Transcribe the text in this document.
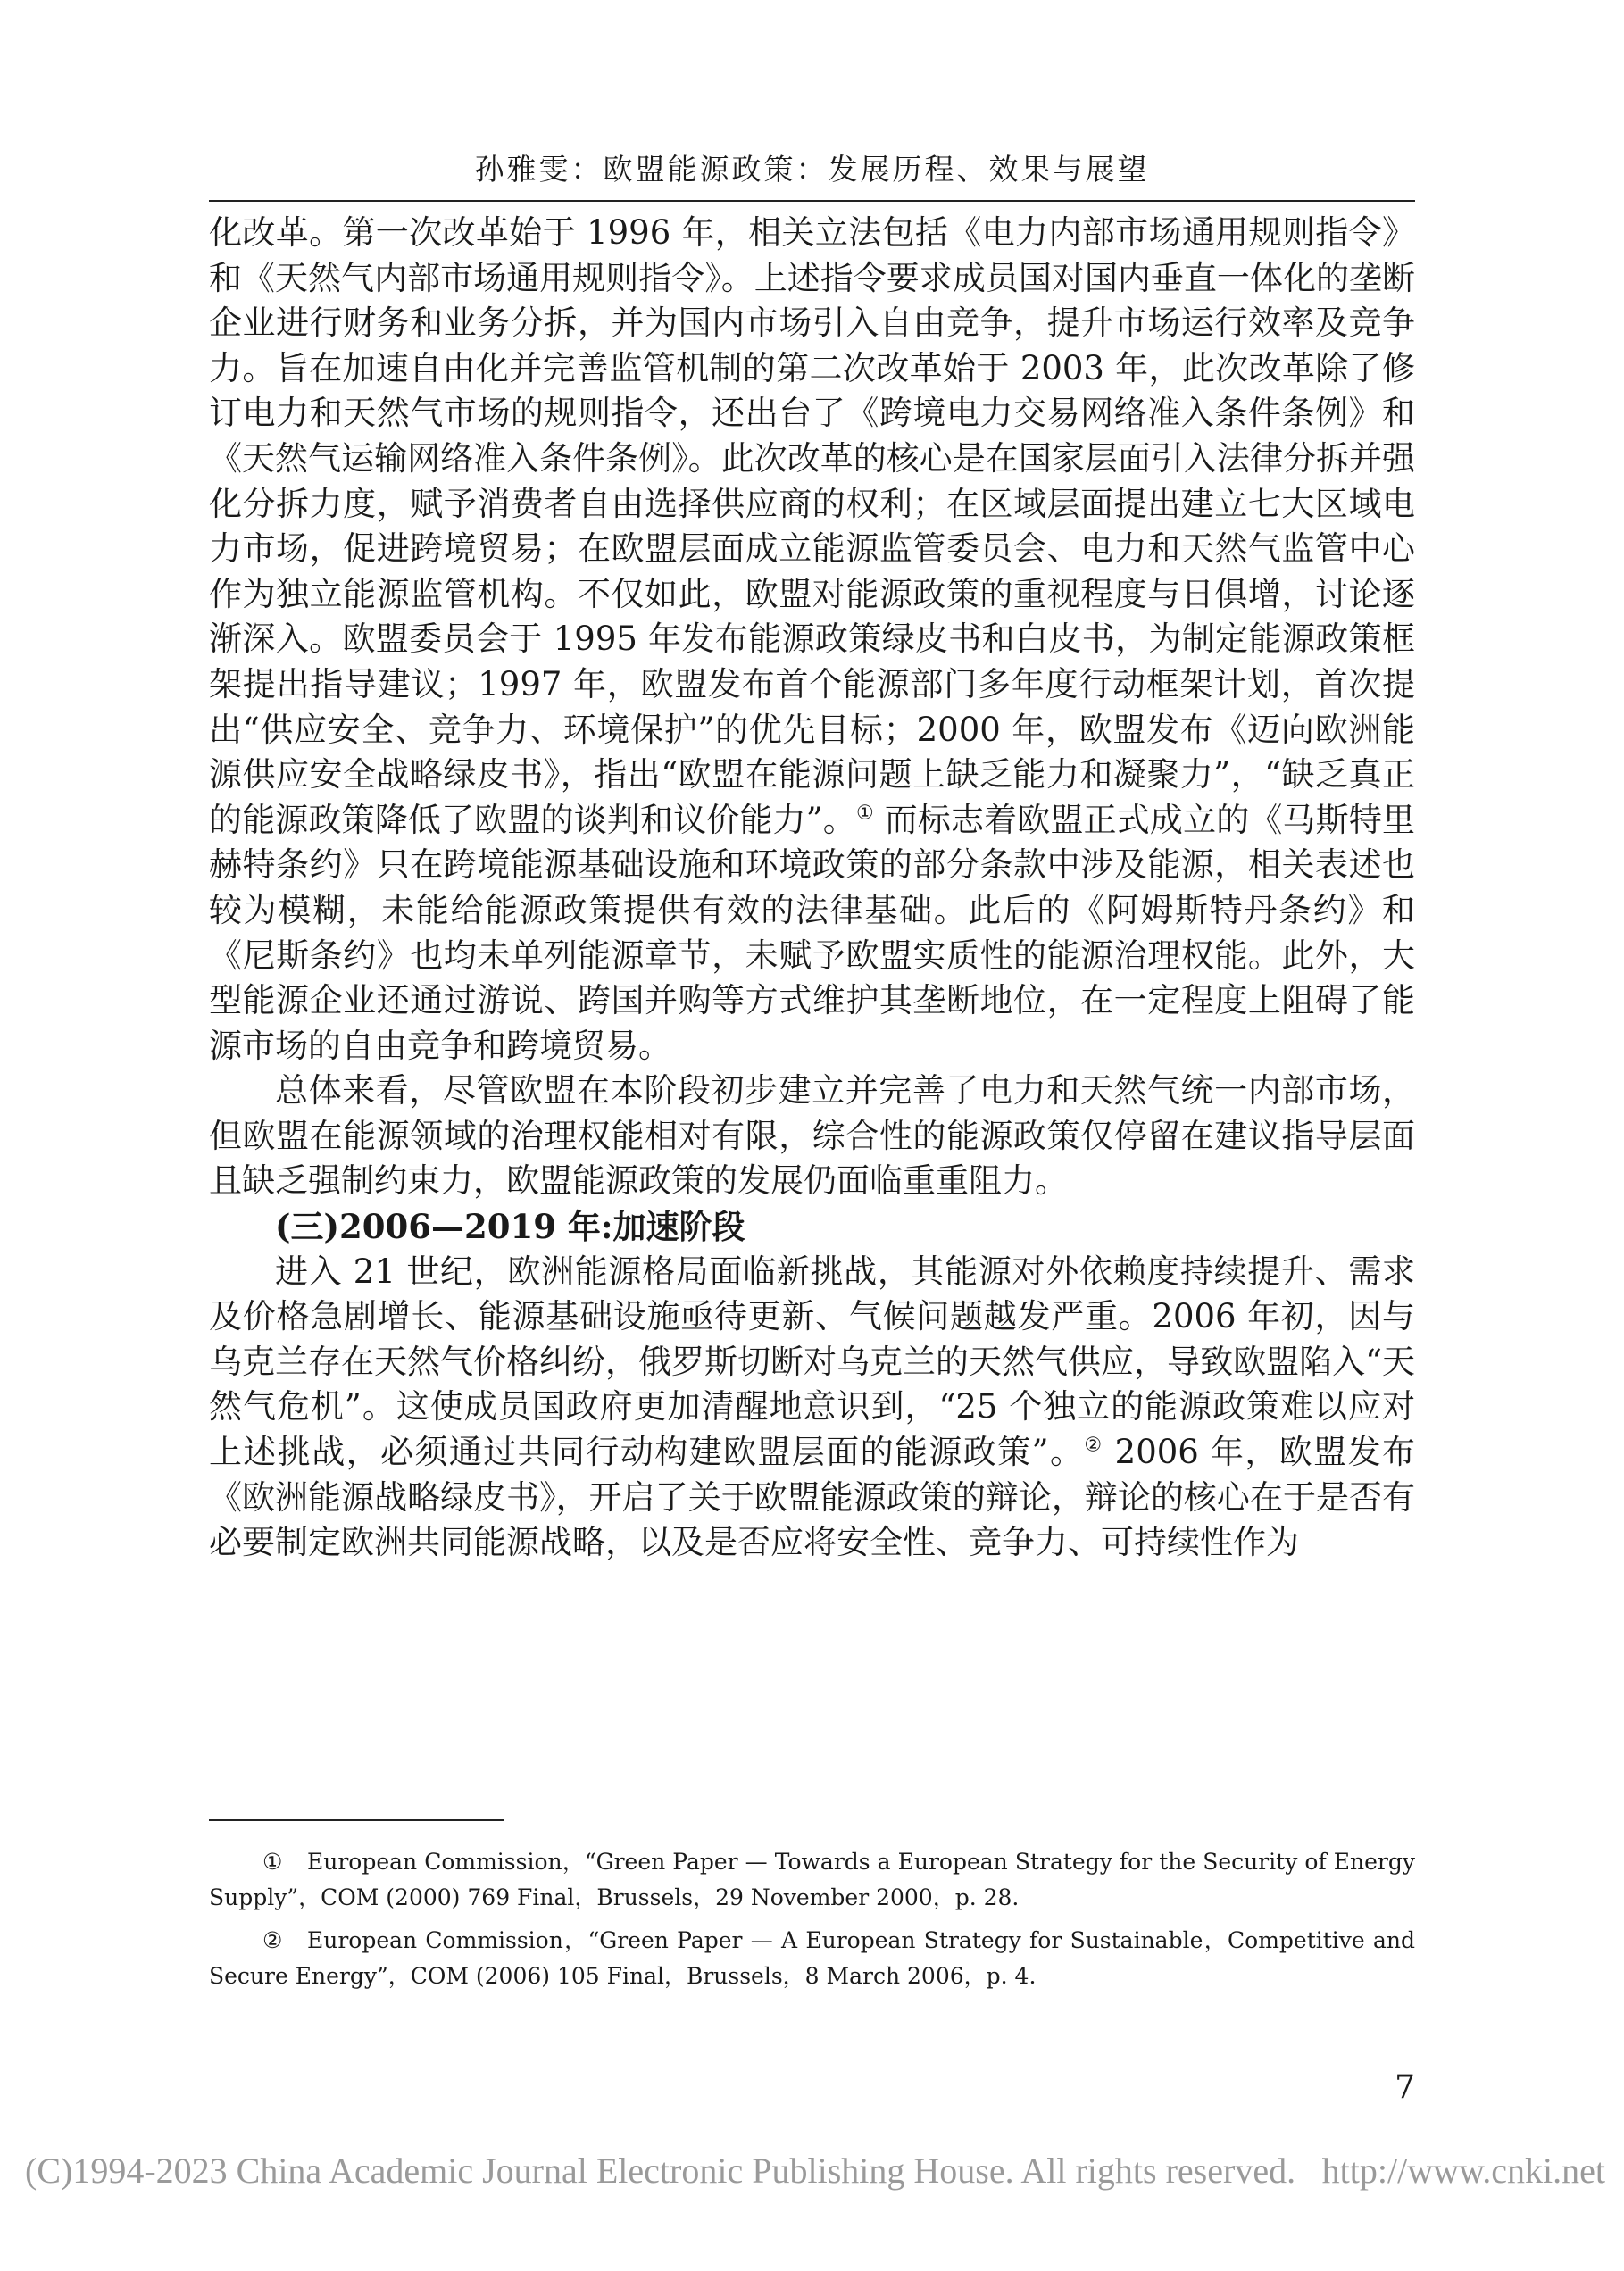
孙雅雯：欧盟能源政策：发展历程、效果与展望

化改革。第一次改革始于 1996 年，相关立法包括《电力内部市场通用规则指令》和《天然气内部市场通用规则指令》。上述指令要求成员国对国内垂直一体化的垄断企业进行财务和业务分拆，并为国内市场引入自由竞争，提升市场运行效率及竞争力。旨在加速自由化并完善监管机制的第二次改革始于 2003 年，此次改革除了修订电力和天然气市场的规则指令，还出台了《跨境电力交易网络准入条件条例》和《天然气运输网络准入条件条例》。此次改革的核心是在国家层面引入法律分拆并强化分拆力度，赋予消费者自由选择供应商的权利；在区域层面提出建立七大区域电力市场，促进跨境贸易；在欧盟层面成立能源监管委员会、电力和天然气监管中心作为独立能源监管机构。不仅如此，欧盟对能源政策的重视程度与日俱增，讨论逐渐深入。欧盟委员会于 1995 年发布能源政策绿皮书和白皮书，为制定能源政策框架提出指导建议；1997 年，欧盟发布首个能源部门多年度行动框架计划，首次提出“供应安全、竞争力、环境保护”的优先目标；2000 年，欧盟发布《迈向欧洲能源供应安全战略绿皮书》，指出“欧盟在能源问题上缺乏能力和凝聚力”，“缺乏真正的能源政策降低了欧盟的谈判和议价能力”。① 而标志着欧盟正式成立的《马斯特里赫特条约》只在跨境能源基础设施和环境政策的部分条款中涉及能源，相关表述也较为模糊，未能给能源政策提供有效的法律基础。此后的《阿姆斯特丹条约》和《尼斯条约》也均未单列能源章节，未赋予欧盟实质性的能源治理权能。此外，大型能源企业还通过游说、跨国并购等方式维护其垄断地位，在一定程度上阻碍了能源市场的自由竞争和跨境贸易。

总体来看，尽管欧盟在本阶段初步建立并完善了电力和天然气统一内部市场，但欧盟在能源领域的治理权能相对有限，综合性的能源政策仅停留在建议指导层面且缺乏强制约束力，欧盟能源政策的发展仍面临重重阻力。

(三)2006—2019 年:加速阶段

进入 21 世纪，欧洲能源格局面临新挑战，其能源对外依赖度持续提升、需求及价格急剧增长、能源基础设施亟待更新、气候问题越发严重。2006 年初，因与乌克兰存在天然气价格纠纷，俄罗斯切断对乌克兰的天然气供应，导致欧盟陷入“天然气危机”。这使成员国政府更加清醒地意识到，“25 个独立的能源政策难以应对上述挑战，必须通过共同行动构建欧盟层面的能源政策”。② 2006 年，欧盟发布《欧洲能源战略绿皮书》，开启了关于欧盟能源政策的辩论，辩论的核心在于是否有必要制定欧洲共同能源战略，以及是否应将安全性、竞争力、可持续性作为

① European Commission，“Green Paper — Towards a European Strategy for the Security of Energy Supply”，COM (2000) 769 Final，Brussels，29 November 2000，p. 28.

② European Commission，“Green Paper — A European Strategy for Sustainable，Competitive and Secure Energy”，COM (2006) 105 Final，Brussels，8 March 2006，p. 4.

7
(C)1994-2023 China Academic Journal Electronic Publishing House. All rights reserved. http://www.cnki.net
